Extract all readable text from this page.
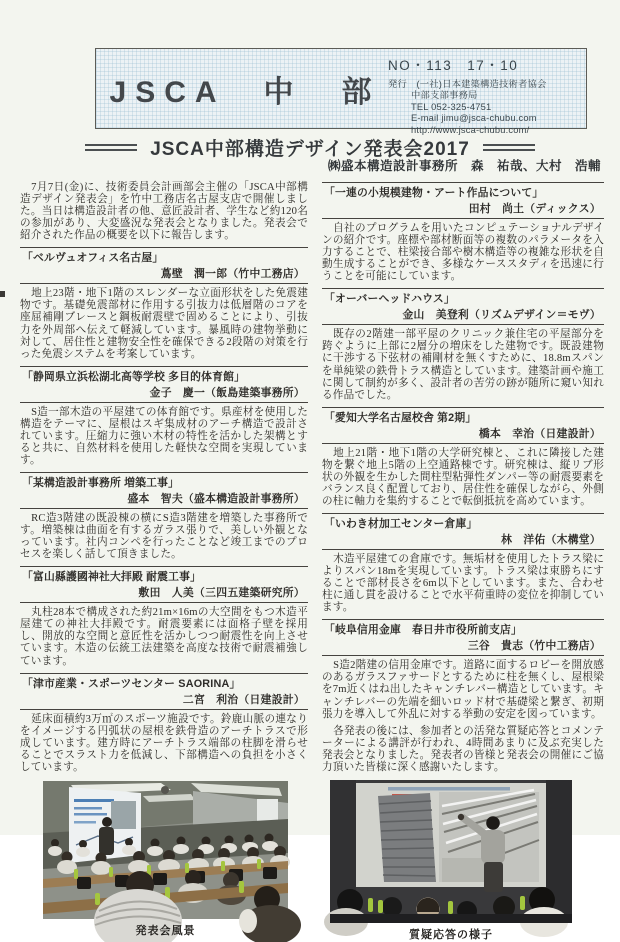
JSCA　中　部
NO・113　17・10
発行　(一社)日本建築構造技術者協会
中部支部事務局
TEL 052-325-4751
E-mail jimu@jsca-chubu.com
http://www.jsca-chubu.com/
JSCA中部構造デザイン発表会2017
㈱盛本構造設計事務所　森　祐哉、大村　浩輔

7月7日(金)に、技術委員会計画部会主催の「JSCA中部構造デザイン発表会」を竹中工務店名古屋支店で開催しました。当日は構造設計者の他、意匠設計者、学生など約120名の参加があり、大変盛況な発表会となりました。発表会で紹介された作品の概要を以下に報告します。

「ベルヴュオフィス名古屋」
蔦壁　潤一郎（竹中工務店）

地上23階・地下1階のスレンダーな立面形状をした免震建物です。基礎免震部材に作用する引抜力は低層階のコアを座屈補剛ブレースと鋼板耐震壁で固めることにより、引抜力を外周部へ伝えて軽減しています。暴風時の建物挙動に対して、居住性と建物安全性を確保できる2段階の対策を行った免震システムを考案しています。

「静岡県立浜松湖北高等学校 多目的体育館」
金子　慶一（飯島建築事務所）

S造一部木造の平屋建ての体育館です。県産材を使用した構造をテーマに、屋根はスギ集成材のアーチ構造で設計されています。圧縮力に強い木材の特性を活かした架構とすると共に、自然材料を使用した軽快な空間を実現しています。

「某構造設計事務所 増築工事」
盛本　智夫（盛本構造設計事務所）

RC造3階建の既設棟の横にS造3階建を増築した事務所です。増築棟は曲面を有するガラス張りで、美しい外観となっています。社内コンペを行ったことなど竣工までのプロセスを楽しく話して頂きました。

「富山縣護國神社大拝殿 耐震工事」
敷田　人美（三四五建築研究所）

丸柱28本で構成された約21m×16mの大空間をもつ木造平屋建ての神社大拝殿です。耐震要素には面格子壁を採用し、開放的な空間と意匠性を活かしつつ耐震性を向上させています。木造の伝統工法建築を高度な技術で耐震補強しています。

「津市産業・スポーツセンター SAORINA」
二宮　利治（日建設計）

延床面積約3万㎡のスポーツ施設です。鈴鹿山脈の連なりをイメージする円弧状の屋根を鉄骨造のアーチトラスで形成しています。建方時にアーチトラス端部の柱脚を滑らせることでスラスト力を低減し、下部構造への負担を小さくしています。

発表会風景
「一連の小規模建物・アート作品について」
田村　尚土（ディックス）

自社のプログラムを用いたコンピュテーショナルデザインの紹介です。座標や部材断面等の複数のパラメータを入力することで、柱梁接合部や樹木構造等の複雑な形状を自動生成することができ、多様なケーススタディを迅速に行うことを可能にしています。

「オーバーヘッドハウス」
金山　美登利（リズムデザイン＝モヴ）

既存の2階建一部平屋のクリニック兼住宅の平屋部分を跨ぐように上部に2層分の増床をした建物です。既設建物に干渉する下弦材の補剛材を無くすために、18.8mスパンを単純梁の鉄骨トラス構造としています。建築計画や施工に関して制約が多く、設計者の苦労の跡が随所に窺い知れる作品でした。

「愛知大学名古屋校舎 第2期」
橋本　幸治（日建設計）

地上21階・地下1階の大学研究棟と、これに隣接した建物を繋ぐ地上5階の上空通路棟です。研究棟は、縦リブ形状の外観を生かした間柱型粘弾性ダンパー等の耐震要素をバランス良く配置しており、居住性を確保しながら、外側の柱に軸力を集約することで転倒抵抗を高めています。

「いわき材加工センター倉庫」
林　洋佑（木構堂）

木造平屋建ての倉庫です。無垢材を使用したトラス梁によりスパン18mを実現しています。トラス梁は束勝ちにすることで部材長さを6m以下としています。また、合わせ柱に通し貫を設けることで水平荷重時の変位を抑制しています。

「岐阜信用金庫　春日井市役所前支店」
三谷　貴志（竹中工務店）

S造2階建の信用金庫です。道路に面するロビーを開放感のあるガラスファサードとするために柱を無くし、屋根梁を7m近くはね出したキャンチレバー構造としています。キャンチレバーの先端を細いロッド材で基礎梁と繋ぎ、初期張力を導入して外乱に対する挙動の安定を図っています。

各発表の後には、参加者との活発な質疑応答とコメンテーターによる講評が行われ、4時間あまりに及ぶ充実した発表会となりました。発表者の皆様と発表会の開催にご協力頂いた皆様に深く感謝いたします。

質疑応答の様子
